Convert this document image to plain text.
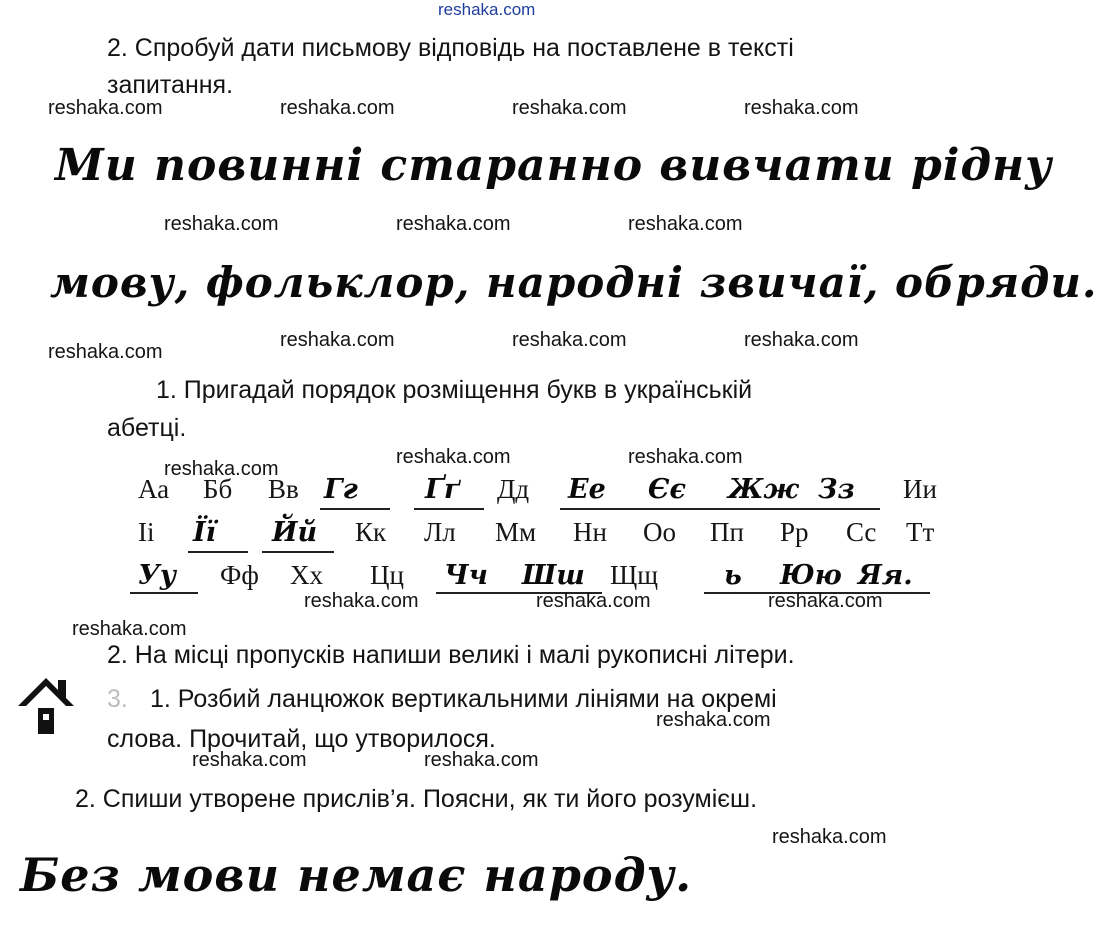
reshaka.com
2. Спробуй дати письмову відповідь на поставлене в тексті
запитання.
reshaka.com	reshaka.com	reshaka.com	reshaka.com
Ми повинні старанно вивчати рідну
reshaka.com	reshaka.com	reshaka.com
мову, фольклор, народні звичаї, обряди.
reshaka.com
reshaka.com	reshaka.com	reshaka.com
1. Пригадай порядок розміщення букв в українській
абетці.
reshaka.com	reshaka.com
reshaka.com
Аа Бб Вв Гг Ґґ Дд Ее Єє Жж Зз Ии
Іі Її Йй Кк Лл Мм Нн Оо Пп Рр Сс Тт
Уу Фф Хх Цц Чч Шш Щщ ь Юю Яя.
reshaka.com	reshaka.com	reshaka.com
reshaka.com
2. На місці пропусків напиши великі і малі рукописні літери.
3. 1. Розбий ланцюжок вертикальними лініями на окремі
слова. Прочитай, що утворилося.
reshaka.com
reshaka.com	reshaka.com
2. Спиши утворене прислів’я. Поясни, як ти його розумієш.
reshaka.com
Без мови немає народу.
